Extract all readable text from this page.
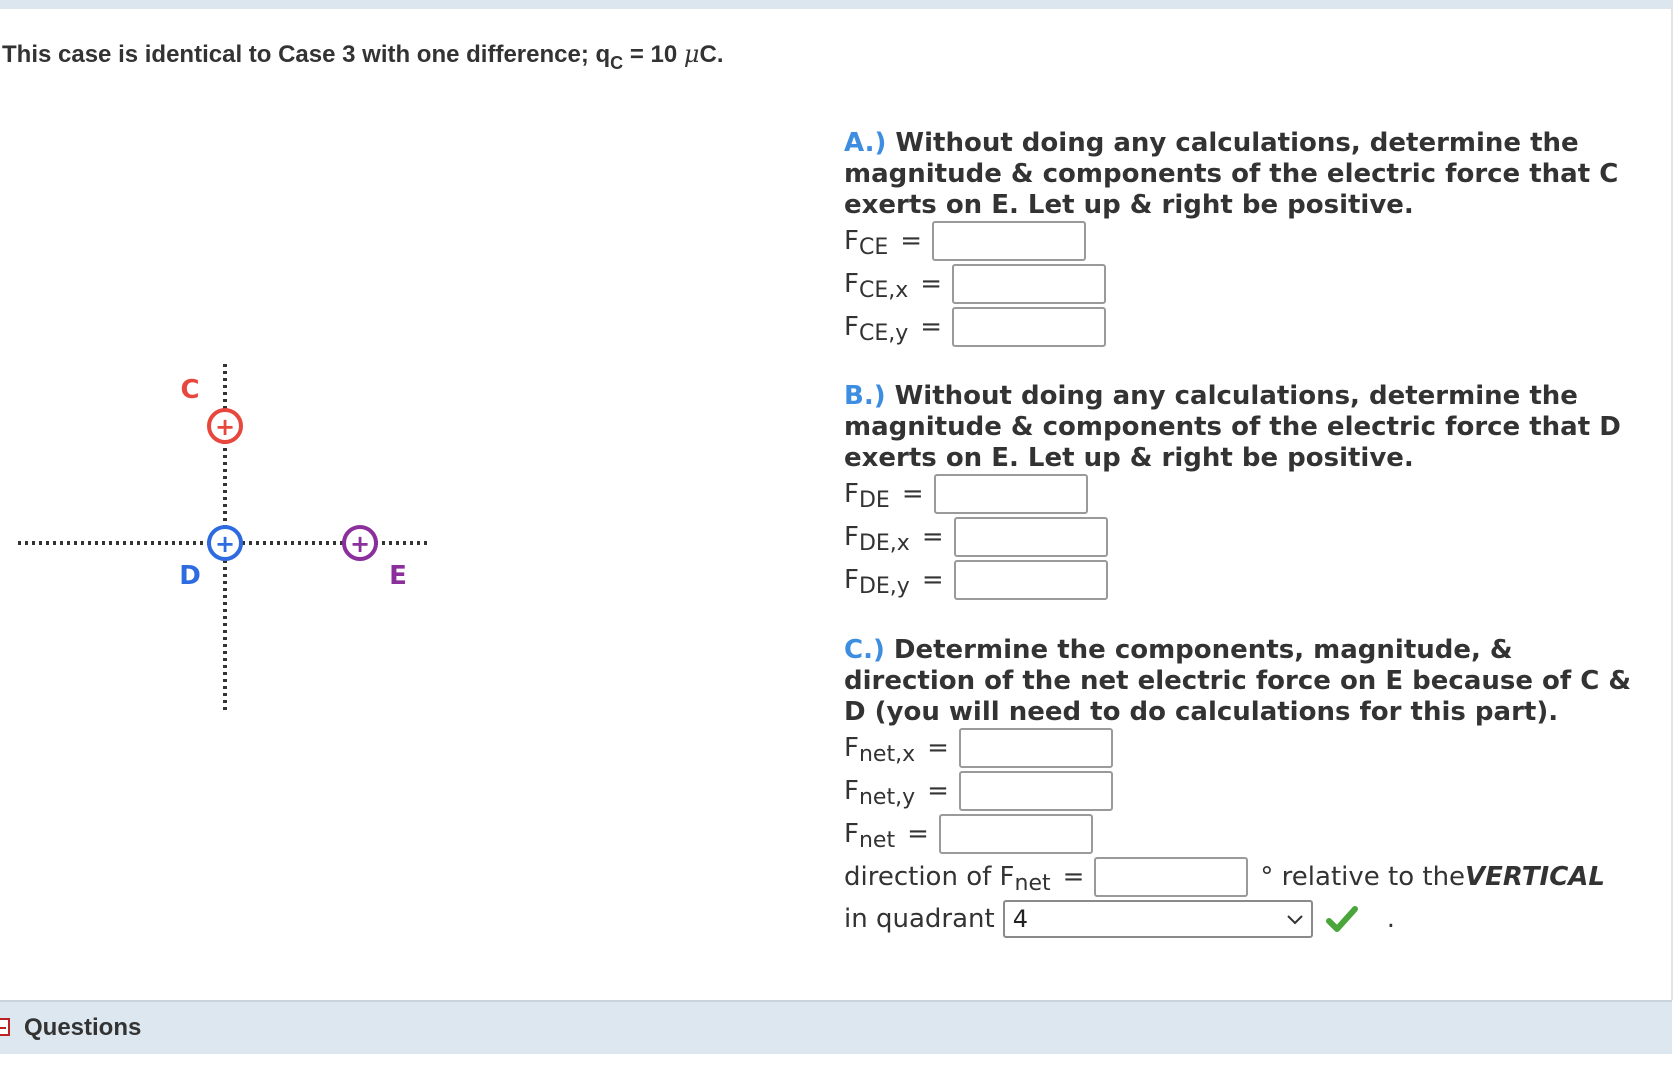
This case is identical to Case 3 with one difference; $q_C = 10$ μC.
+
C
+
D
+
E
A.) Without doing any calculations, determine the magnitude & components of the electric force that C exerts on E. Let up & right be positive.
F CE =
F CE,x =
F CE,y =
B.) Without doing any calculations, determine the magnitude & components of the electric force that D exerts on E. Let up & right be positive.
F DE =
F DE,x =
F DE,y =
C.) Determine the components, magnitude, & direction of the net electric force on E because of C & D (you will need to do calculations for this part).
F net,x =
F net,y =
F net =
direction of F net =	° relative to the VERTICAL
in quadrant 4	.
Questions
